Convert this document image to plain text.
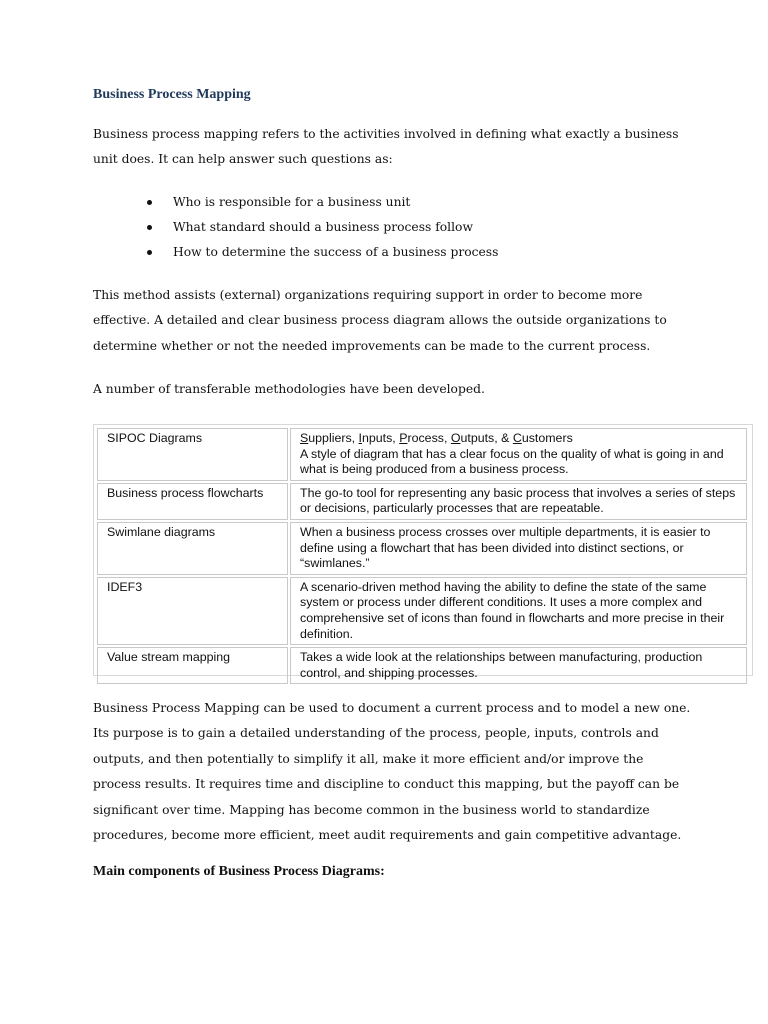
Business Process Mapping
Business process mapping refers to the activities involved in defining what exactly a business unit does. It can help answer such questions as:
Who is responsible for a business unit
What standard should a business process follow
How to determine the success of a business process
This method assists (external) organizations requiring support in order to become more effective. A detailed and clear business process diagram allows the outside organizations to determine whether or not the needed improvements can be made to the current process.
A number of transferable methodologies have been developed.
SIPOC Diagrams	Suppliers, Inputs, Process, Outputs, & Customers
A style of diagram that has a clear focus on the quality of what is going in and what is being produced from a business process.

Business process flowcharts	The go-to tool for representing any basic process that involves a series of steps or decisions, particularly processes that are repeatable.
Swimlane diagrams	When a business process crosses over multiple departments, it is easier to define using a flowchart that has been divided into distinct sections, or “swimlanes.”
IDEF3	A scenario-driven method having the ability to define the state of the same system or process under different conditions. It uses a more complex and comprehensive set of icons than found in flowcharts and more precise in their definition.
Value stream mapping	Takes a wide look at the relationships between manufacturing, production control, and shipping processes.
Business Process Mapping can be used to document a current process and to model a new one. Its purpose is to gain a detailed understanding of the process, people, inputs, controls and outputs, and then potentially to simplify it all, make it more efficient and/or improve the process results. It requires time and discipline to conduct this mapping, but the payoff can be significant over time. Mapping has become common in the business world to standardize procedures, become more efficient, meet audit requirements and gain competitive advantage.
Main components of Business Process Diagrams:
